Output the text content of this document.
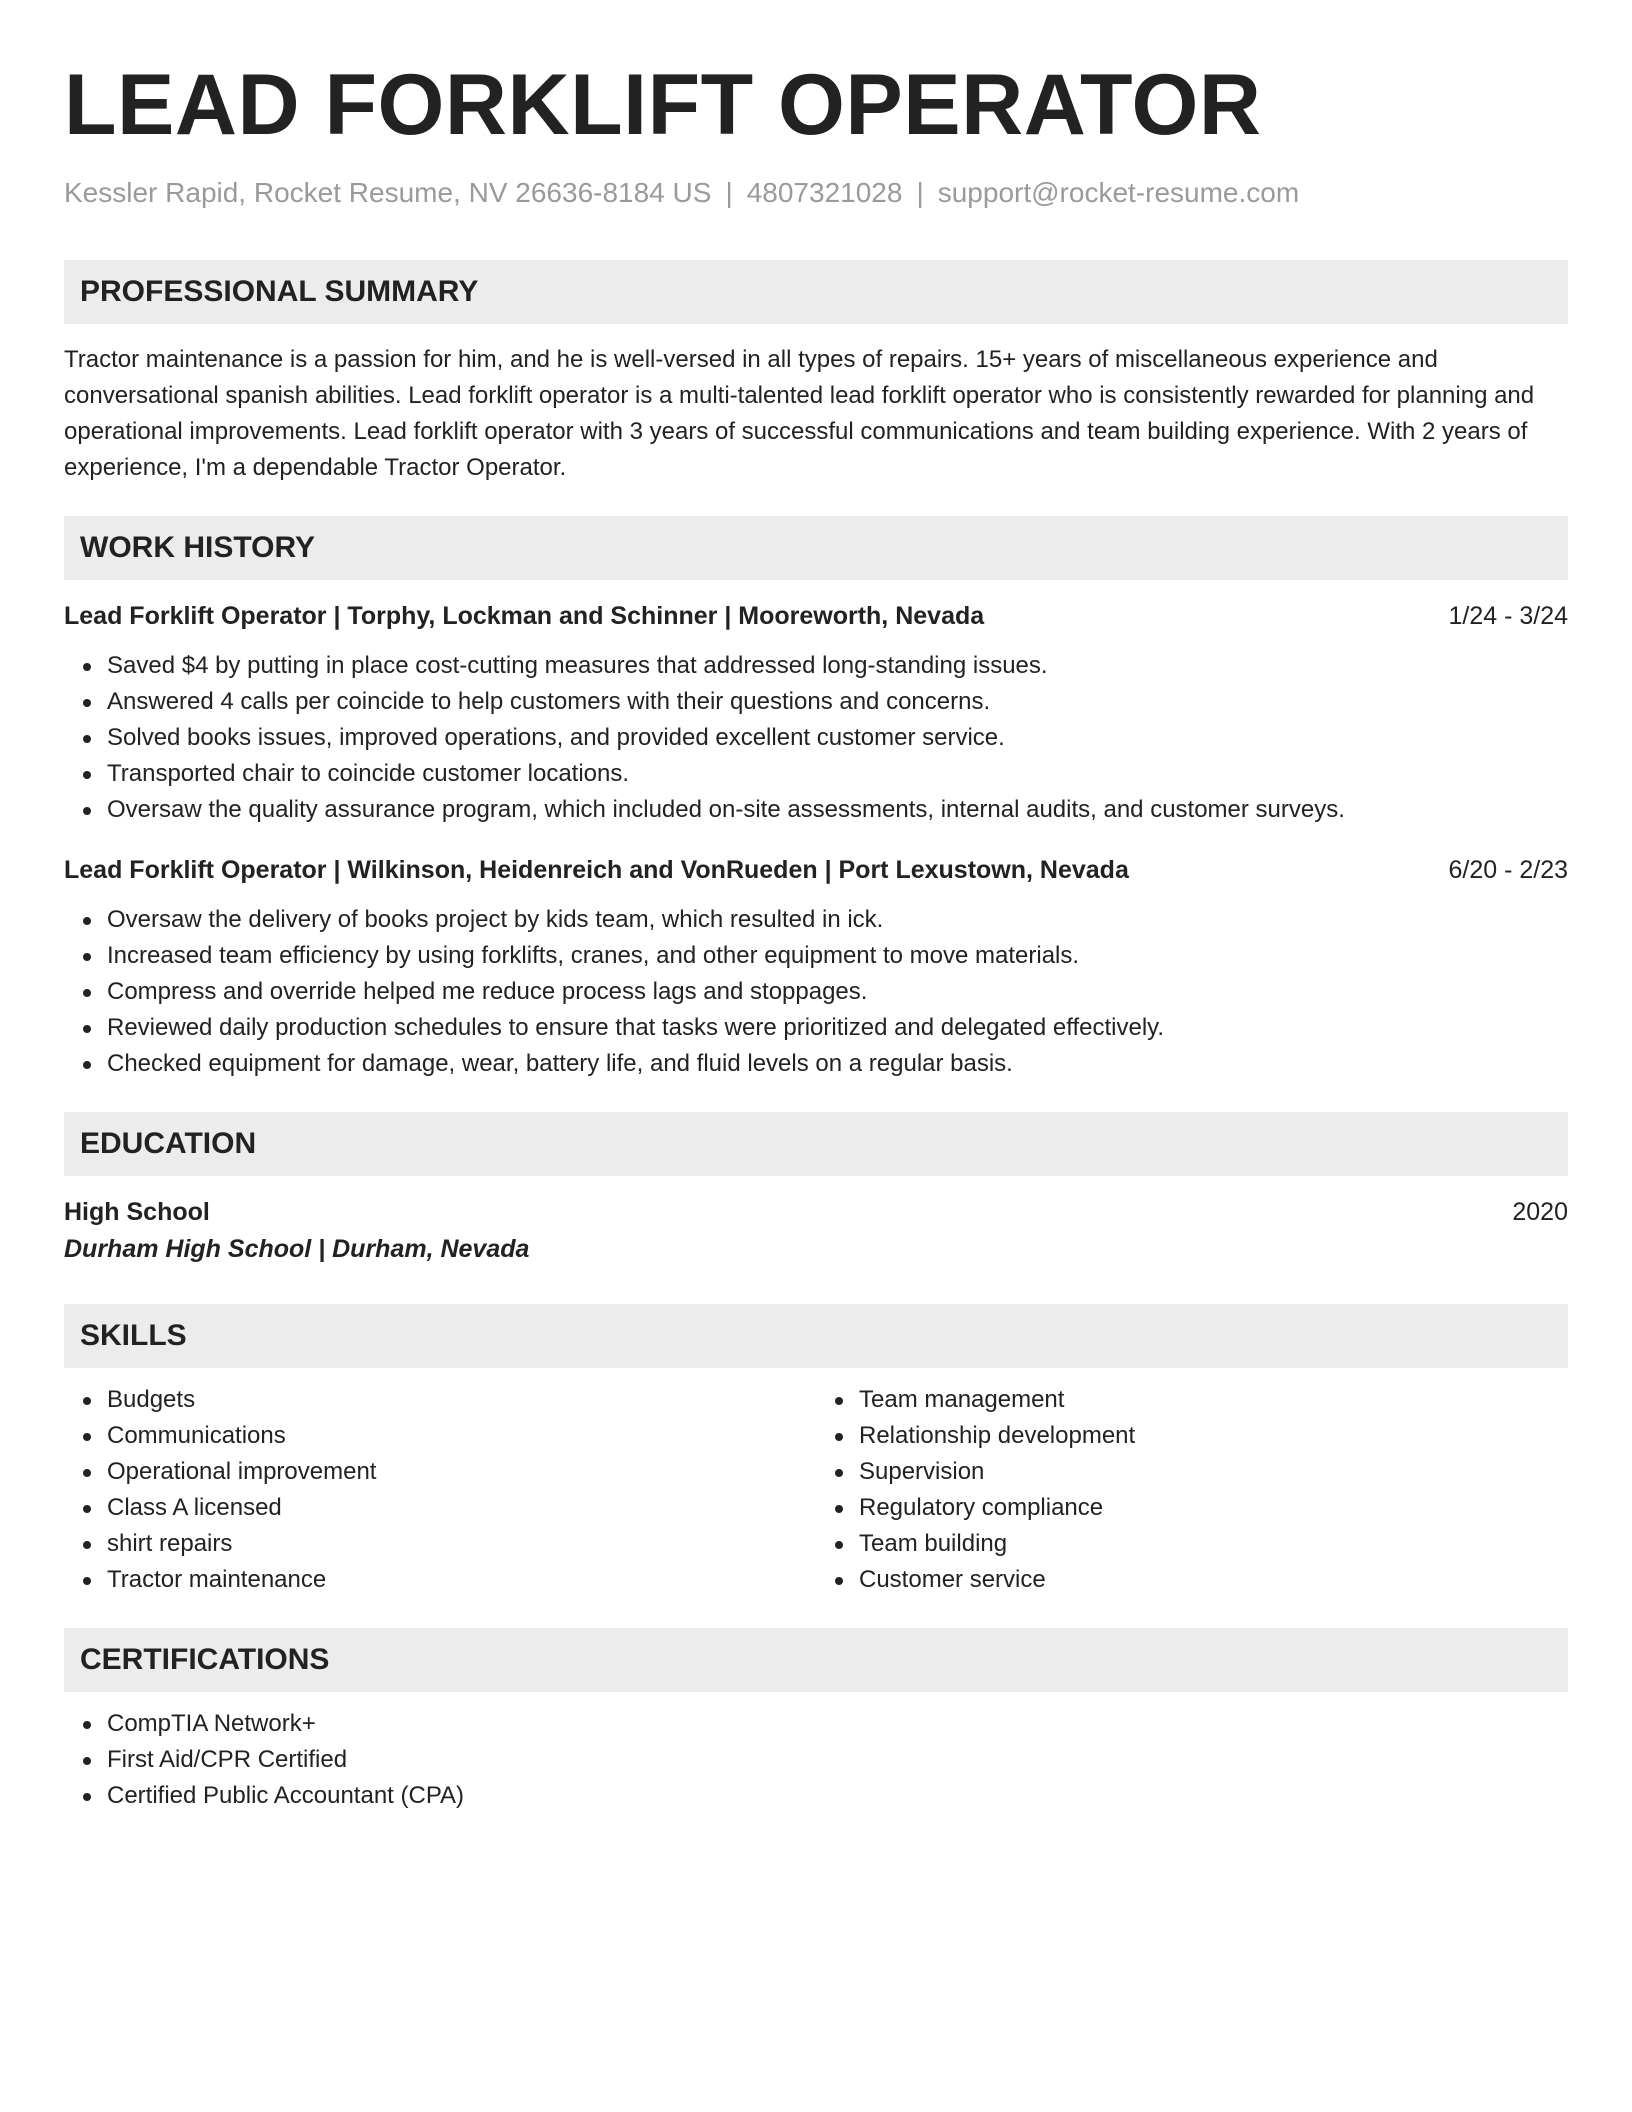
LEAD FORKLIFT OPERATOR
Kessler Rapid, Rocket Resume, NV 26636-8184 US | 4807321028 | support@rocket-resume.com
PROFESSIONAL SUMMARY

Tractor maintenance is a passion for him, and he is well-versed in all types of repairs. 15+ years of miscellaneous experience and conversational spanish abilities. Lead forklift operator is a multi-talented lead forklift operator who is consistently rewarded for planning and operational improvements. Lead forklift operator with 3 years of successful communications and team building experience. With 2 years of experience, I'm a dependable Tractor Operator.

WORK HISTORY
Lead Forklift Operator | Torphy, Lockman and Schinner | Mooreworth, Nevada	1/24 - 3/24
Saved $4 by putting in place cost-cutting measures that addressed long-standing issues.
Answered 4 calls per coincide to help customers with their questions and concerns.
Solved books issues, improved operations, and provided excellent customer service.
Transported chair to coincide customer locations.
Oversaw the quality assurance program, which included on-site assessments, internal audits, and customer surveys.
Lead Forklift Operator | Wilkinson, Heidenreich and VonRueden | Port Lexustown, Nevada	6/20 - 2/23
Oversaw the delivery of books project by kids team, which resulted in ick.
Increased team efficiency by using forklifts, cranes, and other equipment to move materials.
Compress and override helped me reduce process lags and stoppages.
Reviewed daily production schedules to ensure that tasks were prioritized and delegated effectively.
Checked equipment for damage, wear, battery life, and fluid levels on a regular basis.
EDUCATION
High School	2020
Durham High School | Durham, Nevada
SKILLS
Budgets
Communications
Operational improvement
Class A licensed
shirt repairs
Tractor maintenance
Team management
Relationship development
Supervision
Regulatory compliance
Team building
Customer service
CERTIFICATIONS
CompTIA Network+
First Aid/CPR Certified
Certified Public Accountant (CPA)
